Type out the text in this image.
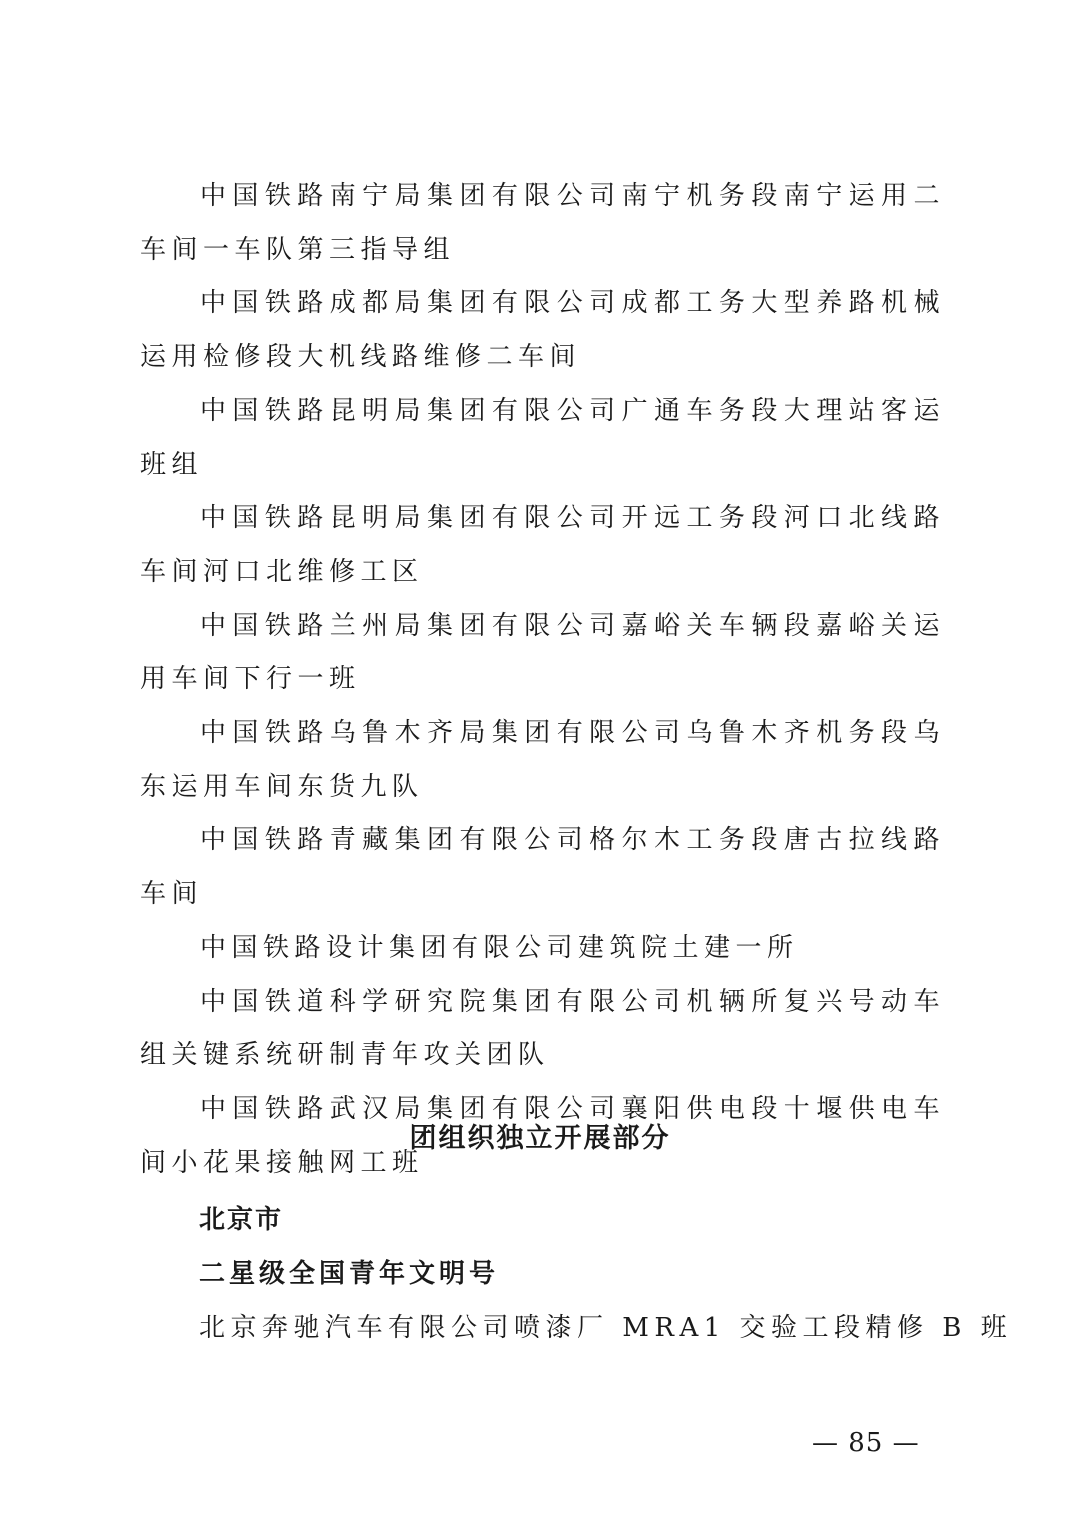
中国铁路南宁局集团有限公司南宁机务段南宁运用二车间一车队第三指导组

中国铁路成都局集团有限公司成都工务大型养路机械运用检修段大机线路维修二车间

中国铁路昆明局集团有限公司广通车务段大理站客运班组

中国铁路昆明局集团有限公司开远工务段河口北线路车间河口北维修工区

中国铁路兰州局集团有限公司嘉峪关车辆段嘉峪关运用车间下行一班

中国铁路乌鲁木齐局集团有限公司乌鲁木齐机务段乌东运用车间东货九队

中国铁路青藏集团有限公司格尔木工务段唐古拉线路车间

中国铁路设计集团有限公司建筑院土建一所

中国铁道科学研究院集团有限公司机辆所复兴号动车组关键系统研制青年攻关团队

中国铁路武汉局集团有限公司襄阳供电段十堰供电车间小花果接触网工班

团组织独立开展部分
北京市
二星级全国青年文明号
北京奔驰汽车有限公司喷漆厂 MRA1 交验工段精修 B 班
— 85 —
